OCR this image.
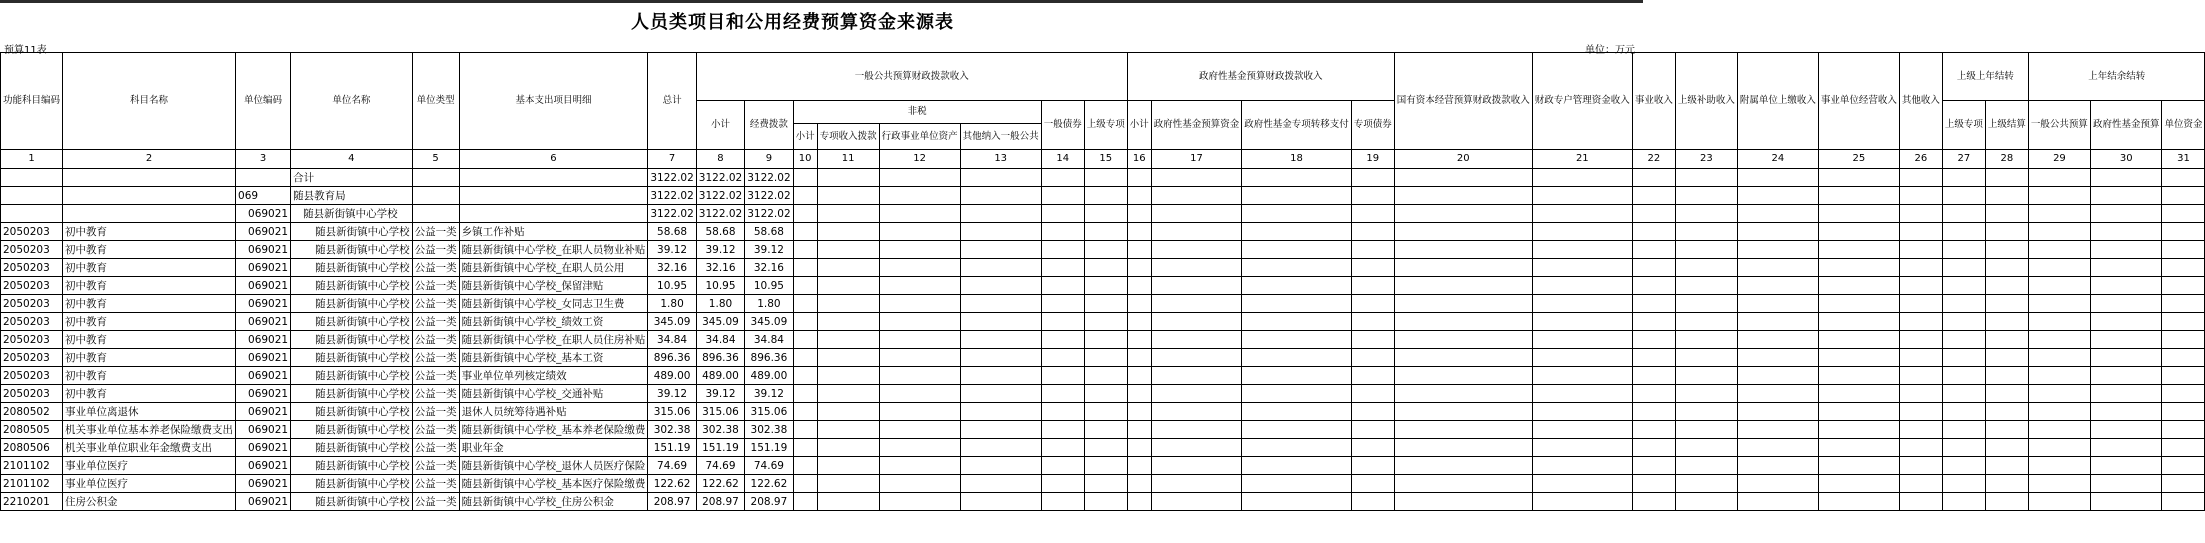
人员类项目和公用经费预算资金来源表
预算11表	单位：万元
功能科目编码	科目名称	单位编码	单位名称	单位类型	基本支出项目明细	总计	一般公共预算财政拨款收入								政府性基金预算财政拨款收入				国有资本经营预算财政拨款收入	财政专户管理资金收入	事业收入	上级补助收入	附属单位上缴收入	事业单位经营收入	其他收入	上级上年结转		上年结余结转		
							小计	经费拨款	非税				一般债券	上级专项	小计	政府性基金预算资金	政府性基金专项转移支付	专项债券								上级专项	上级结算	一般公共预算	政府性基金预算	单位资金
									小计	专项收入拨款	行政事业单位资产	其他纳入一般公共																		
1	2	3	4	5	6	7	8	9	10	11	12	13	14	15	16	17	18	19	20	21	22	23	24	25	26	27	28	29	30	31
			合计			3122.02	3122.02	3122.02																						
		069	随县教育局			3122.02	3122.02	3122.02																						
		069021	随县新街镇中心学校			3122.02	3122.02	3122.02																						
2050203	初中教育	069021	随县新街镇中心学校	公益一类	乡镇工作补贴	58.68	58.68	58.68																						
2050203	初中教育	069021	随县新街镇中心学校	公益一类	随县新街镇中心学校_在职人员物业补贴	39.12	39.12	39.12																						
2050203	初中教育	069021	随县新街镇中心学校	公益一类	随县新街镇中心学校_在职人员公用	32.16	32.16	32.16																						
2050203	初中教育	069021	随县新街镇中心学校	公益一类	随县新街镇中心学校_保留津贴	10.95	10.95	10.95																						
2050203	初中教育	069021	随县新街镇中心学校	公益一类	随县新街镇中心学校_女同志卫生费	1.80	1.80	1.80																						
2050203	初中教育	069021	随县新街镇中心学校	公益一类	随县新街镇中心学校_绩效工资	345.09	345.09	345.09																						
2050203	初中教育	069021	随县新街镇中心学校	公益一类	随县新街镇中心学校_在职人员住房补贴	34.84	34.84	34.84																						
2050203	初中教育	069021	随县新街镇中心学校	公益一类	随县新街镇中心学校_基本工资	896.36	896.36	896.36																						
2050203	初中教育	069021	随县新街镇中心学校	公益一类	事业单位单列核定绩效	489.00	489.00	489.00																						
2050203	初中教育	069021	随县新街镇中心学校	公益一类	随县新街镇中心学校_交通补贴	39.12	39.12	39.12																						
2080502	事业单位离退休	069021	随县新街镇中心学校	公益一类	退休人员统筹待遇补贴	315.06	315.06	315.06																						
2080505	机关事业单位基本养老保险缴费支出	069021	随县新街镇中心学校	公益一类	随县新街镇中心学校_基本养老保险缴费	302.38	302.38	302.38																						
2080506	机关事业单位职业年金缴费支出	069021	随县新街镇中心学校	公益一类	职业年金	151.19	151.19	151.19																						
2101102	事业单位医疗	069021	随县新街镇中心学校	公益一类	随县新街镇中心学校_退休人员医疗保险	74.69	74.69	74.69																						
2101102	事业单位医疗	069021	随县新街镇中心学校	公益一类	随县新街镇中心学校_基本医疗保险缴费	122.62	122.62	122.62																						
2210201	住房公积金	069021	随县新街镇中心学校	公益一类	随县新街镇中心学校_住房公积金	208.97	208.97	208.97																						
